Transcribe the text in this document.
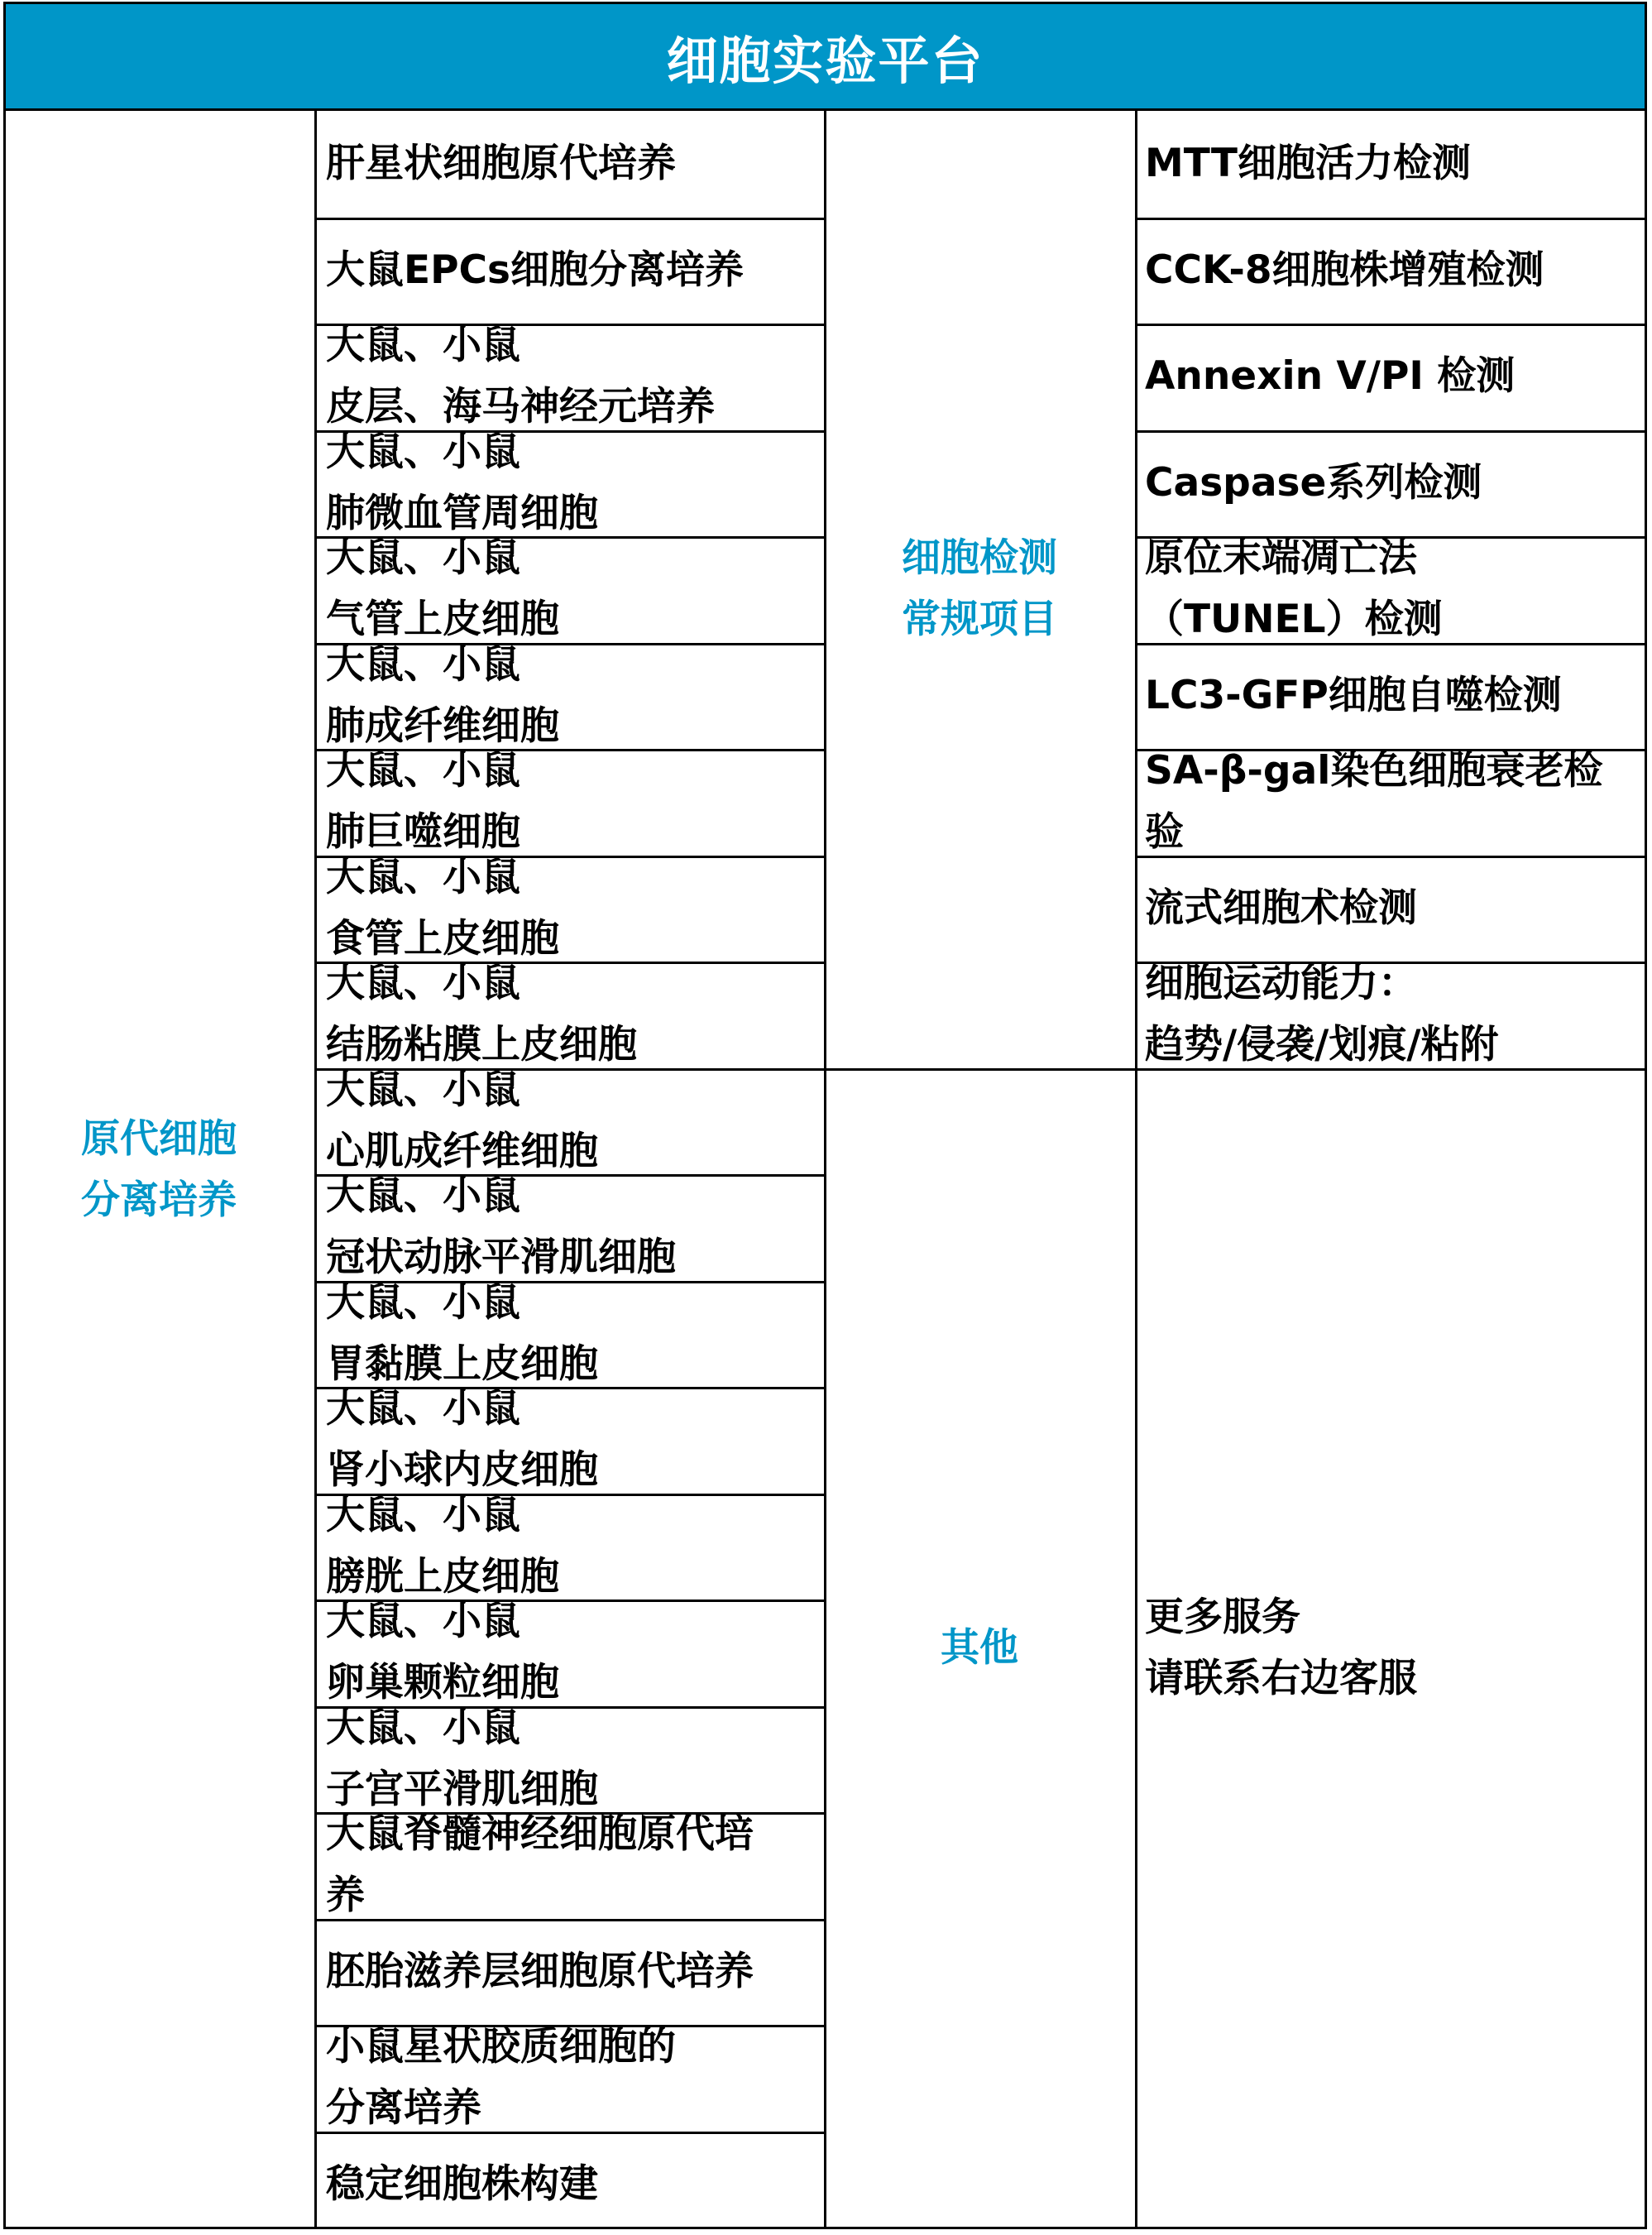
细胞实验平台
肝星状细胞原代培养
大鼠EPCs细胞分离培养
大鼠、小鼠
皮层、海马神经元培养
大鼠、小鼠
肺微血管周细胞
大鼠、小鼠
气管上皮细胞
大鼠、小鼠
肺成纤维细胞
大鼠、小鼠
肺巨噬细胞
大鼠、小鼠
食管上皮细胞
大鼠、小鼠
结肠粘膜上皮细胞
大鼠、小鼠
心肌成纤维细胞
大鼠、小鼠
冠状动脉平滑肌细胞
大鼠、小鼠
胃黏膜上皮细胞
大鼠、小鼠
肾小球内皮细胞
大鼠、小鼠
膀胱上皮细胞
大鼠、小鼠
卵巢颗粒细胞
大鼠、小鼠
子宫平滑肌细胞
大鼠脊髓神经细胞原代培
养
胚胎滋养层细胞原代培养
小鼠星状胶质细胞的
分离培养
稳定细胞株构建
MTT细胞活力检测
CCK-8细胞株增殖检测
Annexin V/PI 检测
Caspase系列检测
原位末端凋亡法
（TUNEL）检测
LC3-GFP细胞自噬检测
SA-β-gal染色细胞衰老检
验
流式细胞术检测
细胞运动能力：
趋势/侵袭/划痕/粘附
更多服务
请联系右边客服
原代细胞
分离培养
细胞检测
常规项目
其他
